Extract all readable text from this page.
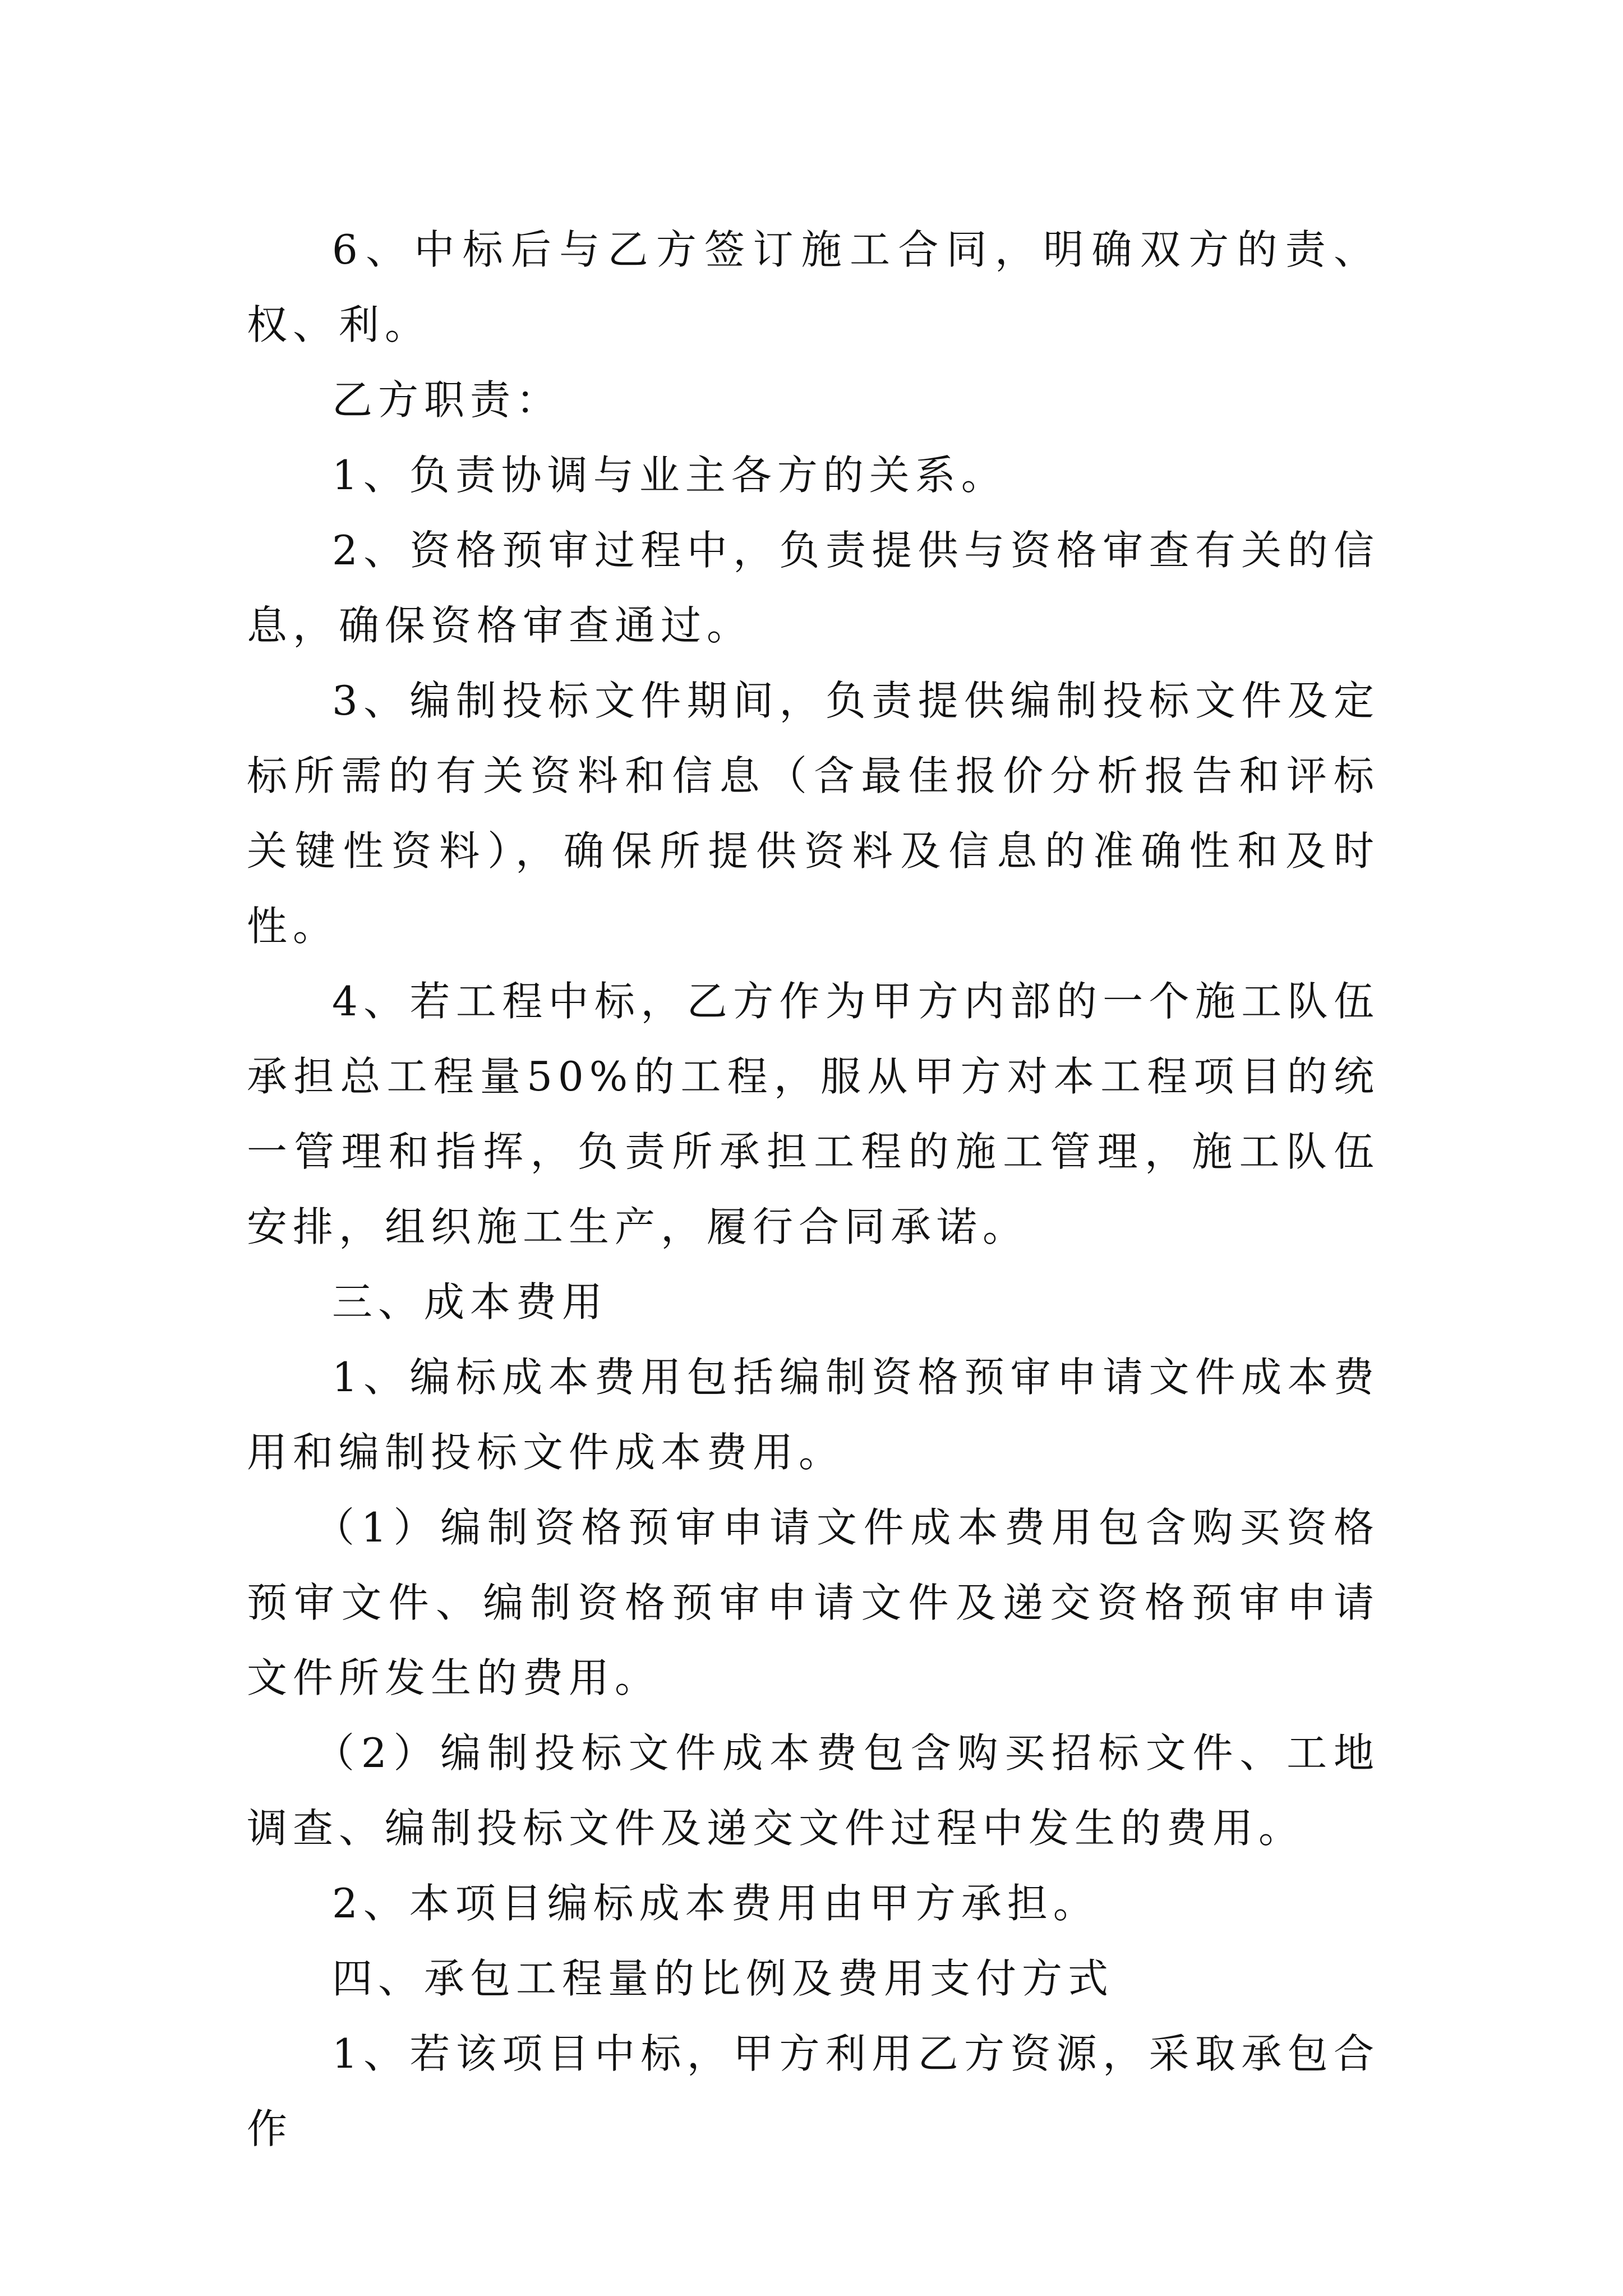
6、中标后与乙方签订施工合同，明确双方的责、权、利。

乙方职责：

1、负责协调与业主各方的关系。

2、资格预审过程中，负责提供与资格审查有关的信息，确保资格审查通过。

3、编制投标文件期间，负责提供编制投标文件及定标所需的有关资料和信息（含最佳报价分析报告和评标关键性资料），确保所提供资料及信息的准确性和及时性。

4、若工程中标，乙方作为甲方内部的一个施工队伍承担总工程量50%的工程，服从甲方对本工程项目的统一管理和指挥，负责所承担工程的施工管理，施工队伍安排，组织施工生产，履行合同承诺。

三、成本费用

1、编标成本费用包括编制资格预审申请文件成本费用和编制投标文件成本费用。

（1）编制资格预审申请文件成本费用包含购买资格预审文件、编制资格预审申请文件及递交资格预审申请文件所发生的费用。

（2）编制投标文件成本费包含购买招标文件、工地调查、编制投标文件及递交文件过程中发生的费用。

2、本项目编标成本费用由甲方承担。

四、承包工程量的比例及费用支付方式

1、若该项目中标，甲方利用乙方资源，采取承包合作
